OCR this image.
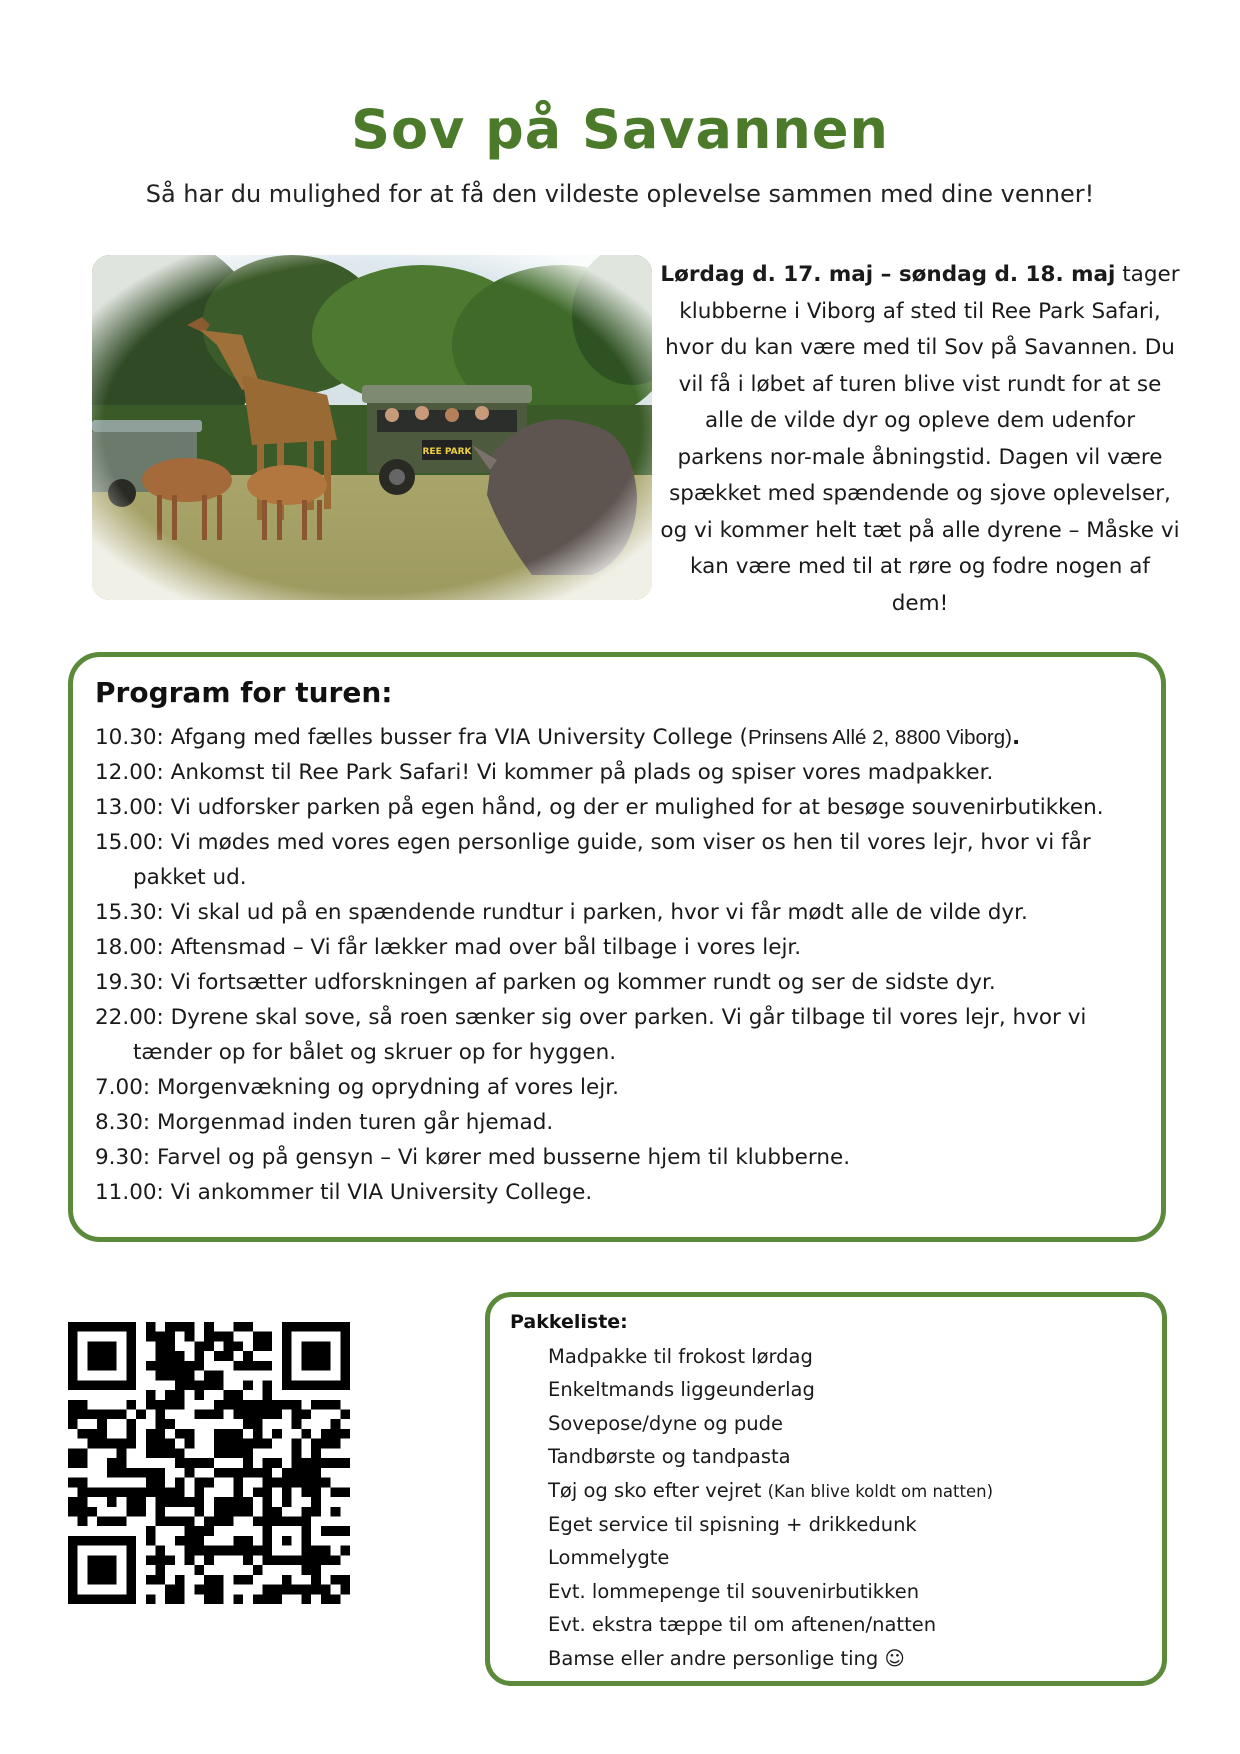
Sov på Savannen

Så har du mulighed for at få den vildeste oplevelse sammen med dine venner!

Lørdag d. 17. maj – søndag d. 18. maj tager klubberne i Viborg af sted til Ree Park Safari, hvor du kan være med til Sov på Savannen. Du vil få i løbet af turen blive vist rundt for at se alle de vilde dyr og opleve dem udenfor parkens nor-male åbningstid. Dagen vil være spækket med spændende og sjove oplevelser, og vi kommer helt tæt på alle dyrene – Måske vi kan være med til at røre og fodre nogen af dem!

Program for turen:
10.30: Afgang med fælles busser fra VIA University College (Prinsens Allé 2, 8800 Viborg).
12.00: Ankomst til Ree Park Safari! Vi kommer på plads og spiser vores madpakker.
13.00: Vi udforsker parken på egen hånd, og der er mulighed for at besøge souvenirbutikken.
15.00: Vi mødes med vores egen personlige guide, som viser os hen til vores lejr, hvor vi får pakket ud.
15.30: Vi skal ud på en spændende rundtur i parken, hvor vi får mødt alle de vilde dyr.
18.00: Aftensmad – Vi får lækker mad over bål tilbage i vores lejr.
19.30: Vi fortsætter udforskningen af parken og kommer rundt og ser de sidste dyr.
22.00: Dyrene skal sove, så roen sænker sig over parken. Vi går tilbage til vores lejr, hvor vi tænder op for bålet og skruer op for hyggen.
7.00: Morgenvækning og oprydning af vores lejr.
8.30: Morgenmad inden turen går hjemad.
9.30: Farvel og på gensyn – Vi kører med busserne hjem til klubberne.
11.00: Vi ankommer til VIA University College.
Pakkeliste:
Madpakke til frokost lørdag
Enkeltmands liggeunderlag
Sovepose/dyne og pude
Tandbørste og tandpasta
Tøj og sko efter vejret (Kan blive koldt om natten)
Eget service til spisning + drikkedunk
Lommelygte
Evt. lommepenge til souvenirbutikken
Evt. ekstra tæppe til om aftenen/natten
Bamse eller andre personlige ting ☺
